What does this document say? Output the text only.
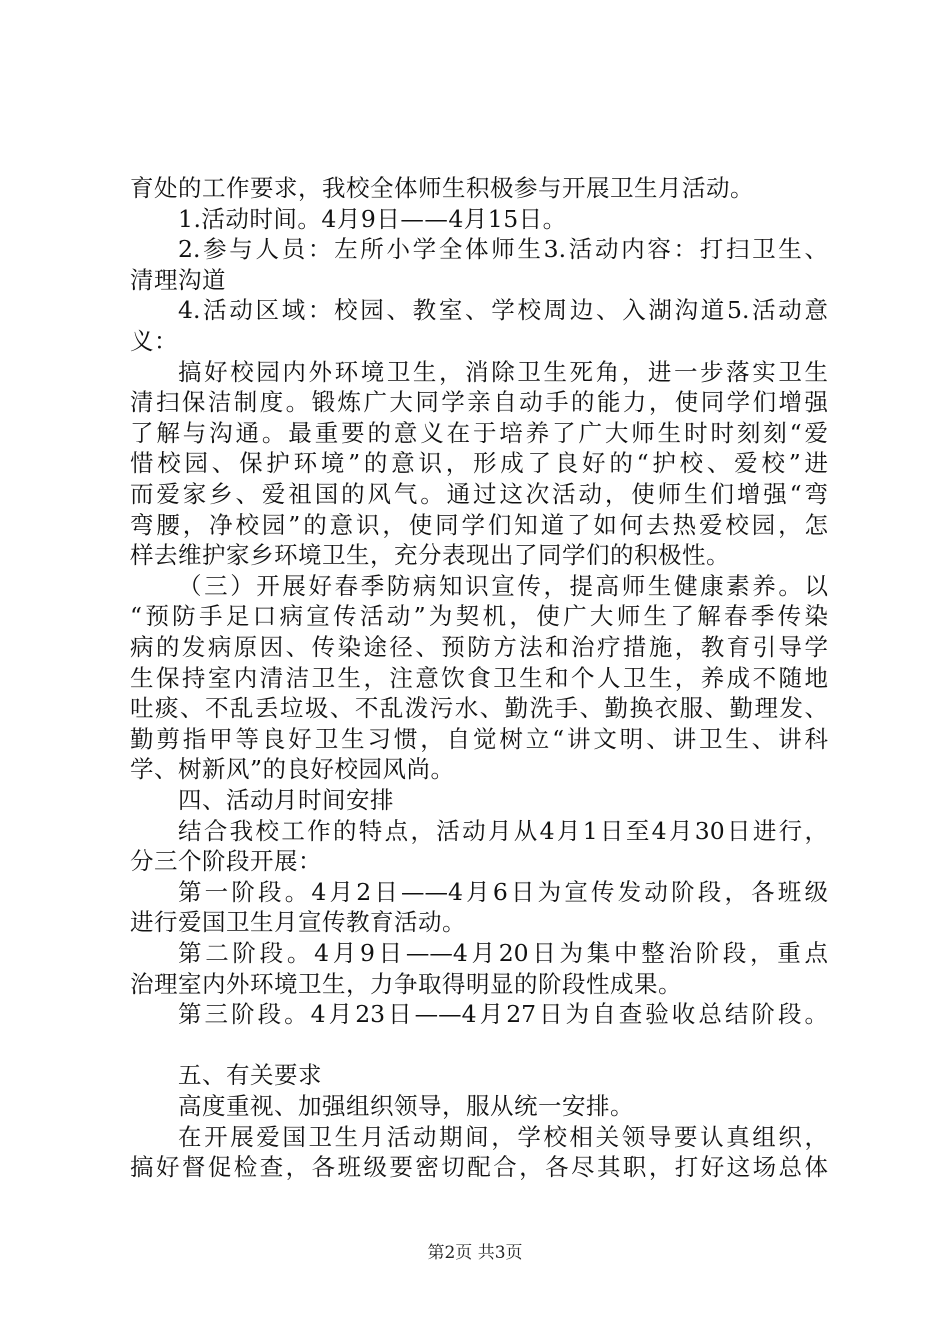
育处的工作要求，我校全体师生积极参与开展卫生月活动。
1.活动时间。4月9日——4月15日。
2.参与人员：左所小学全体师生3.活动内容：打扫卫生、
清理沟道
4.活动区域：校园、教室、学校周边、入湖沟道5.活动意
义：
搞好校园内外环境卫生，消除卫生死角，进一步落实卫生
清扫保洁制度。锻炼广大同学亲自动手的能力，使同学们增强
了解与沟通。最重要的意义在于培养了广大师生时时刻刻“爱
惜校园、保护环境”的意识，形成了良好的“护校、爱校”进
而爱家乡、爱祖国的风气。通过这次活动，使师生们增强“弯
弯腰，净校园”的意识，使同学们知道了如何去热爱校园，怎
样去维护家乡环境卫生，充分表现出了同学们的积极性。
（三）开展好春季防病知识宣传，提高师生健康素养。以
“预防手足口病宣传活动”为契机，使广大师生了解春季传染
病的发病原因、传染途径、预防方法和治疗措施，教育引导学
生保持室内清洁卫生，注意饮食卫生和个人卫生，养成不随地
吐痰、不乱丢垃圾、不乱泼污水、勤洗手、勤换衣服、勤理发、
勤剪指甲等良好卫生习惯，自觉树立“讲文明、讲卫生、讲科
学、树新风”的良好校园风尚。
四、活动月时间安排
结合我校工作的特点，活动月从4月1日至4月30日进行，
分三个阶段开展：
第一阶段。4月2日——4月6日为宣传发动阶段，各班级
进行爱国卫生月宣传教育活动。
第二阶段。4月9日——4月20日为集中整治阶段，重点
治理室内外环境卫生，力争取得明显的阶段性成果。
第三阶段。4月23日——4月27日为自查验收总结阶段。
五、有关要求
高度重视、加强组织领导，服从统一安排。
在开展爱国卫生月活动期间，学校相关领导要认真组织，
搞好督促检查，各班级要密切配合，各尽其职，打好这场总体
第2页 共3页
